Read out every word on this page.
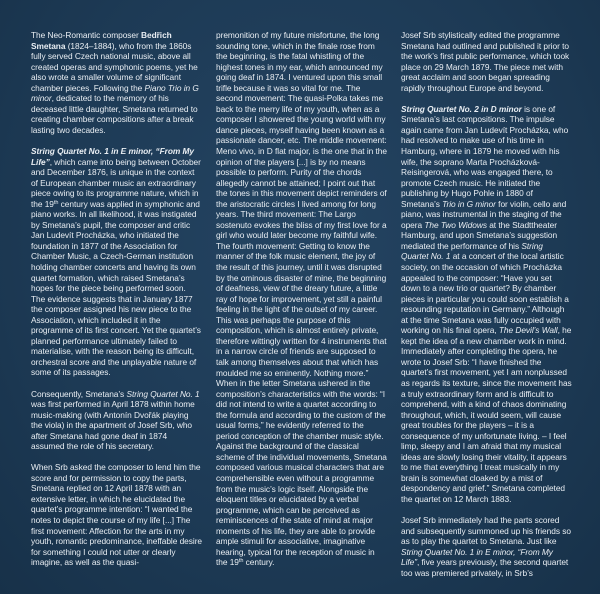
The Neo-Romantic composer Bedřich Smetana (1824–1884), who from the 1860s fully served Czech national music, above all created operas and symphonic poems, yet he also wrote a smaller volume of significant chamber pieces. Following the Piano Trio in G minor, dedicated to the memory of his deceased little daughter, Smetana returned to creating chamber compositions after a break lasting two decades.

String Quartet No. 1 in E minor, “From My Life”, which came into being between October and December 1876, is unique in the context of European chamber music an extraordinary piece owing to its programme nature, which in the 19th century was applied in symphonic and piano works. In all likelihood, it was instigated by Smetana’s pupil, the composer and critic Jan Ludevít Procházka, who initiated the foundation in 1877 of the Association for Chamber Music, a Czech-German institution holding chamber concerts and having its own quartet formation, which raised Smetana’s hopes for the piece being performed soon. The evidence suggests that in January 1877 the composer assigned his new piece to the Association, which included it in the programme of its first concert. Yet the quartet’s planned performance ultimately failed to materialise, with the reason being its difficult, orchestral score and the unplayable nature of some of its passages.

Consequently, Smetana’s String Quartet No. 1 was first performed in April 1878 within home music-making (with Antonín Dvořák playing the viola) in the apartment of Josef Srb, who after Smetana had gone deaf in 1874 assumed the role of his secretary.

When Srb asked the composer to lend him the score and for permission to copy the parts, Smetana replied on 12 April 1878 with an extensive letter, in which he elucidated the quartet’s programme intention: “I wanted the notes to depict the course of my life [...] The first movement: Affection for the arts in my youth, romantic predominance, ineffable desire for something I could not utter or clearly imagine, as well as the quasi-

premonition of my future misfortune, the long sounding tone, which in the finale rose from the beginning, is the fatal whistling of the highest tones in my ear, which announced my going deaf in 1874. I ventured upon this small trifle because it was so vital for me. The second movement: The quasi-Polka takes me back to the merry life of my youth, when as a composer I showered the young world with my dance pieces, myself having been known as a passionate dancer, etc. The middle movement: Meno vivo, in D flat major, is the one that in the opinion of the players [...] is by no means possible to perform. Purity of the chords allegedly cannot be attained; I point out that the tones in this movement depict reminders of the aristocratic circles I lived among for long years. The third movement: The Largo sostenuto evokes the bliss of my first love for a girl who would later become my faithful wife. The fourth movement: Getting to know the manner of the folk music element, the joy of the result of this journey, until it was disrupted by the ominous disaster of mine, the beginning of deafness, view of the dreary future, a little ray of hope for improvement, yet still a painful feeling in the light of the outset of my career. This was perhaps the purpose of this composition, which is almost entirely private, therefore wittingly written for 4 instruments that in a narrow circle of friends are supposed to talk among themselves about that which has moulded me so eminently. Nothing more.” When in the letter Smetana ushered in the composition’s characteristics with the words: “I did not intend to write a quartet according to the formula and according to the custom of the usual forms,” he evidently referred to the period conception of the chamber music style. Against the background of the classical scheme of the individual movements, Smetana composed various musical characters that are comprehensible even without a programme from the music’s logic itself. Alongside the eloquent titles or elucidated by a verbal programme, which can be perceived as reminiscences of the state of mind at major moments of his life, they are able to provide ample stimuli for associative, imaginative hearing, typical for the reception of music in the 19th century.

Josef Srb stylistically edited the programme Smetana had outlined and published it prior to the work’s first public performance, which took place on 29 March 1879. The piece met with great acclaim and soon began spreading rapidly throughout Europe and beyond.

String Quartet No. 2 in D minor is one of Smetana’s last compositions. The impulse again came from Jan Ludevít Procházka, who had resolved to make use of his time in Hamburg, where in 1879 he moved with his wife, the soprano Marta Procházková-Reisingerová, who was engaged there, to promote Czech music. He initiated the publishing by Hugo Pohle in 1880 of Smetana’s Trio in G minor for violin, cello and piano, was instrumental in the staging of the opera The Two Widows at the Stadttheater Hamburg, and upon Smetana’s suggestion mediated the performance of his String Quartet No. 1 at a concert of the local artistic society, on the occasion of which Procházka appealed to the composer: “Have you set down to a new trio or quartet? By chamber pieces in particular you could soon establish a resounding reputation in Germany.” Although at the time Smetana was fully occupied with working on his final opera, The Devil’s Wall, he kept the idea of a new chamber work in mind. Immediately after completing the opera, he wrote to Josef Srb: “I have finished the quartet’s first movement, yet I am nonplussed as regards its texture, since the movement has a truly extraordinary form and is difficult to comprehend, with a kind of chaos dominating throughout, which, it would seem, will cause great troubles for the players – it is a consequence of my unfortunate living. – I feel limp, sleepy and I am afraid that my musical ideas are slowly losing their vitality, it appears to me that everything I treat musically in my brain is somewhat cloaked by a mist of despondency and grief.” Smetana completed the quartet on 12 March 1883.

Josef Srb immediately had the parts scored and subsequently summoned up his friends so as to play the quartet to Smetana. Just like String Quartet No. 1 in E minor, “From My Life”, five years previously, the second quartet too was premiered privately, in Srb’s
